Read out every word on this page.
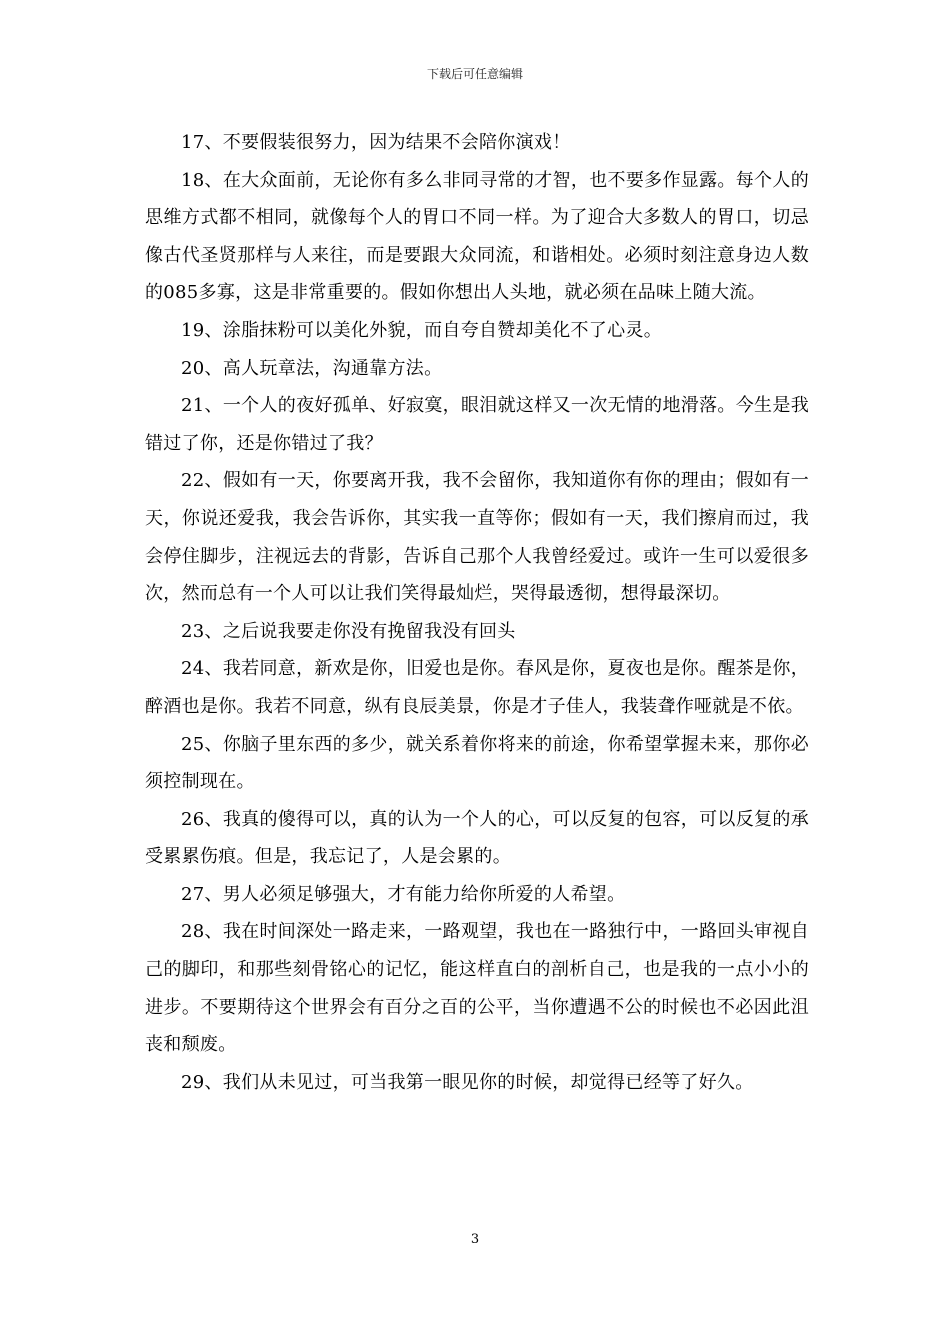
下载后可任意编辑

17、不要假装很努力，因为结果不会陪你演戏！

18、在大众面前，无论你有多么非同寻常的才智，也不要多作显露。每个人的思维方式都不相同，就像每个人的胃口不同一样。为了迎合大多数人的胃口，切忌像古代圣贤那样与人来往，而是要跟大众同流，和谐相处。必须时刻注意身边人数的085多寡，这是非常重要的。假如你想出人头地，就必须在品味上随大流。

19、涂脂抹粉可以美化外貌，而自夸自赞却美化不了心灵。

20、高人玩章法，沟通靠方法。

21、一个人的夜好孤单、好寂寞，眼泪就这样又一次无情的地滑落。今生是我错过了你，还是你错过了我？

22、假如有一天，你要离开我，我不会留你，我知道你有你的理由；假如有一天，你说还爱我，我会告诉你，其实我一直等你；假如有一天，我们擦肩而过，我会停住脚步，注视远去的背影，告诉自己那个人我曾经爱过。或许一生可以爱很多次，然而总有一个人可以让我们笑得最灿烂，哭得最透彻，想得最深切。

23、之后说我要走你没有挽留我没有回头

24、我若同意，新欢是你，旧爱也是你。春风是你，夏夜也是你。醒茶是你，醉酒也是你。我若不同意，纵有良辰美景，你是才子佳人，我装聋作哑就是不依。

25、你脑子里东西的多少，就关系着你将来的前途，你希望掌握未来，那你必须控制现在。

26、我真的傻得可以，真的认为一个人的心，可以反复的包容，可以反复的承受累累伤痕。但是，我忘记了，人是会累的。

27、男人必须足够强大，才有能力给你所爱的人希望。

28、我在时间深处一路走来，一路观望，我也在一路独行中，一路回头审视自己的脚印，和那些刻骨铭心的记忆，能这样直白的剖析自己，也是我的一点小小的进步。不要期待这个世界会有百分之百的公平，当你遭遇不公的时候也不必因此沮丧和颓废。

29、我们从未见过，可当我第一眼见你的时候，却觉得已经等了好久。

3
